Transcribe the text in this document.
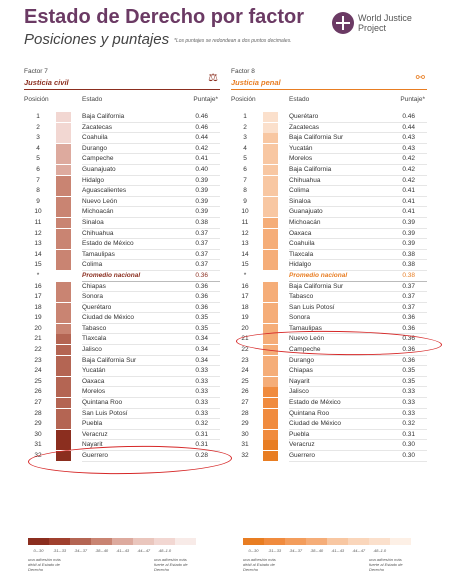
Estado de Derecho por factor
Posiciones y puntajes *Los puntajes se redondean a dos puntos decimales.
World Justice
Project
Factor 7
Justicia civil	⚖
Posición	Estado	Puntaje*
1	Baja California	0.46
2	Zacatecas	0.46
3	Coahuila	0.44
4	Durango	0.42
5	Campeche	0.41
6	Guanajuato	0.40
7	Hidalgo	0.39
8	Aguascalientes	0.39
9	Nuevo León	0.39
10	Michoacán	0.39
11	Sinaloa	0.38
12	Chihuahua	0.37
13	Estado de México	0.37
14	Tamaulipas	0.37
15	Colima	0.37
*	Promedio nacional	0.36
16	Chiapas	0.36
17	Sonora	0.36
18	Querétaro	0.36
19	Ciudad de México	0.35
20	Tabasco	0.35
21	Tlaxcala	0.34
22	Jalisco	0.34
23	Baja California Sur	0.34
24	Yucatán	0.33
25	Oaxaca	0.33
26	Morelos	0.33
27	Quintana Roo	0.33
28	San Luis Potosí	0.33
29	Puebla	0.32
30	Veracruz	0.31
31	Nayarit	0.31
32	Guerrero	0.28
Factor 8
Justicia penal	⚯
Posición	Estado	Puntaje*
1	Querétaro	0.46
2	Zacatecas	0.44
3	Baja California Sur	0.43
4	Yucatán	0.43
5	Morelos	0.42
6	Baja California	0.42
7	Chihuahua	0.42
8	Colima	0.41
9	Sinaloa	0.41
10	Guanajuato	0.41
11	Michoacán	0.39
12	Oaxaca	0.39
13	Coahuila	0.39
14	Tlaxcala	0.38
15	Hidalgo	0.38
*	Promedio nacional	0.38
16	Baja California Sur	0.37
17	Tabasco	0.37
18	San Luis Potosí	0.37
19	Sonora	0.36
20	Tamaulipas	0.36
21	Nuevo León	0.36
22	Campeche	0.36
23	Durango	0.36
24	Chiapas	0.35
25	Nayarit	0.35
26	Jalisco	0.33
27	Estado de México	0.33
28	Quintana Roo	0.33
29	Ciudad de México	0.32
30	Puebla	0.31
31	Veracruz	0.30
32	Guerrero	0.30
0–.30	.31–.33	.34–.37	.38–.40	.41–.43	.44–.47	.48–1.0
una adhesión más débil al Estado de Derecho
una adhesión más fuerte al Estado de Derecho
0–.30	.31–.33	.34–.37	.38–.40	.41–.43	.44–.47	.48–1.0
una adhesión más débil al Estado de Derecho
una adhesión más fuerte al Estado de Derecho
